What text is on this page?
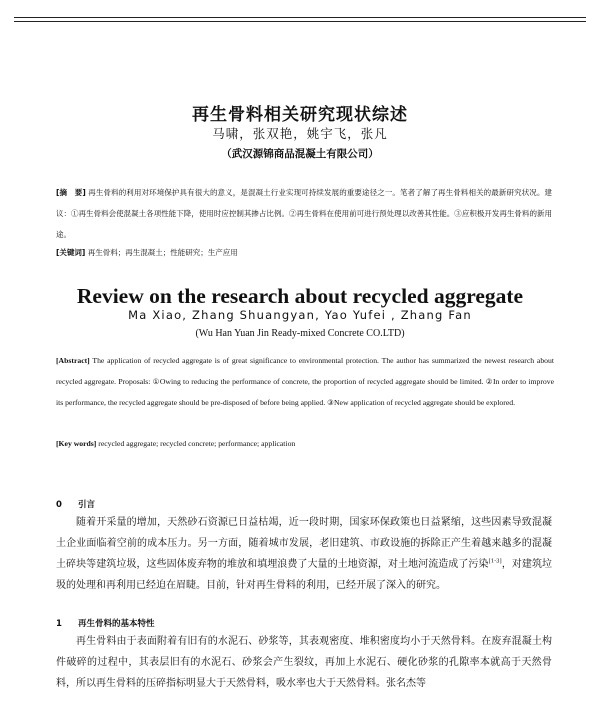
再生骨料相关研究现状综述
马啸，张双艳，姚宇飞，张凡
（武汉源锦商品混凝土有限公司）
[摘　要] 再生骨料的利用对环境保护具有很大的意义，是混凝土行业实现可持续发展的重要途径之一。笔者了解了再生骨料相关的最新研究状况。建议：①再生骨料会使混凝土各项性能下降，使用时应控制其掺占比例。②再生骨料在使用前可进行预处理以改善其性能。③应积极开发再生骨料的新用途。
[关键词] 再生骨料；再生混凝土；性能研究；生产应用
Review on the research about recycled aggregate
Ma Xiao, Zhang Shuangyan, Yao Yufei , Zhang Fan
(Wu Han Yuan Jin Ready-mixed Concrete CO.LTD)
[Abstract] The application of recycled aggregate is of great significance to environmental protection. The author has summarized the newest research about recycled aggregate. Proposals: ①Owing to reducing the performance of concrete, the proportion of recycled aggregate should be limited. ②In order to improve its performance, the recycled aggregate should be pre-disposed of before being applied. ③New application of recycled aggregate should be explored.
[Key words] recycled aggregate; recycled concrete; performance; application
0 引言
随着开采量的增加，天然砂石资源已日益枯竭，近一段时期，国家环保政策也日益紧缩，这些因素导致混凝土企业面临着空前的成本压力。另一方面，随着城市发展，老旧建筑、市政设施的拆除正产生着越来越多的混凝土碎块等建筑垃圾，这些固体废弃物的堆放和填埋浪费了大量的土地资源，对土地河流造成了污染[1-3]，对建筑垃圾的处理和再利用已经迫在眉睫。目前，针对再生骨料的利用，已经开展了深入的研究。
1 再生骨料的基本特性
再生骨料由于表面附着有旧有的水泥石、砂浆等，其表观密度、堆积密度均小于天然骨料。在废弃混凝土构件破碎的过程中，其表层旧有的水泥石、砂浆会产生裂纹，再加上水泥石、硬化砂浆的孔隙率本就高于天然骨料，所以再生骨料的压碎指标明显大于天然骨料，吸水率也大于天然骨料。张名杰等
